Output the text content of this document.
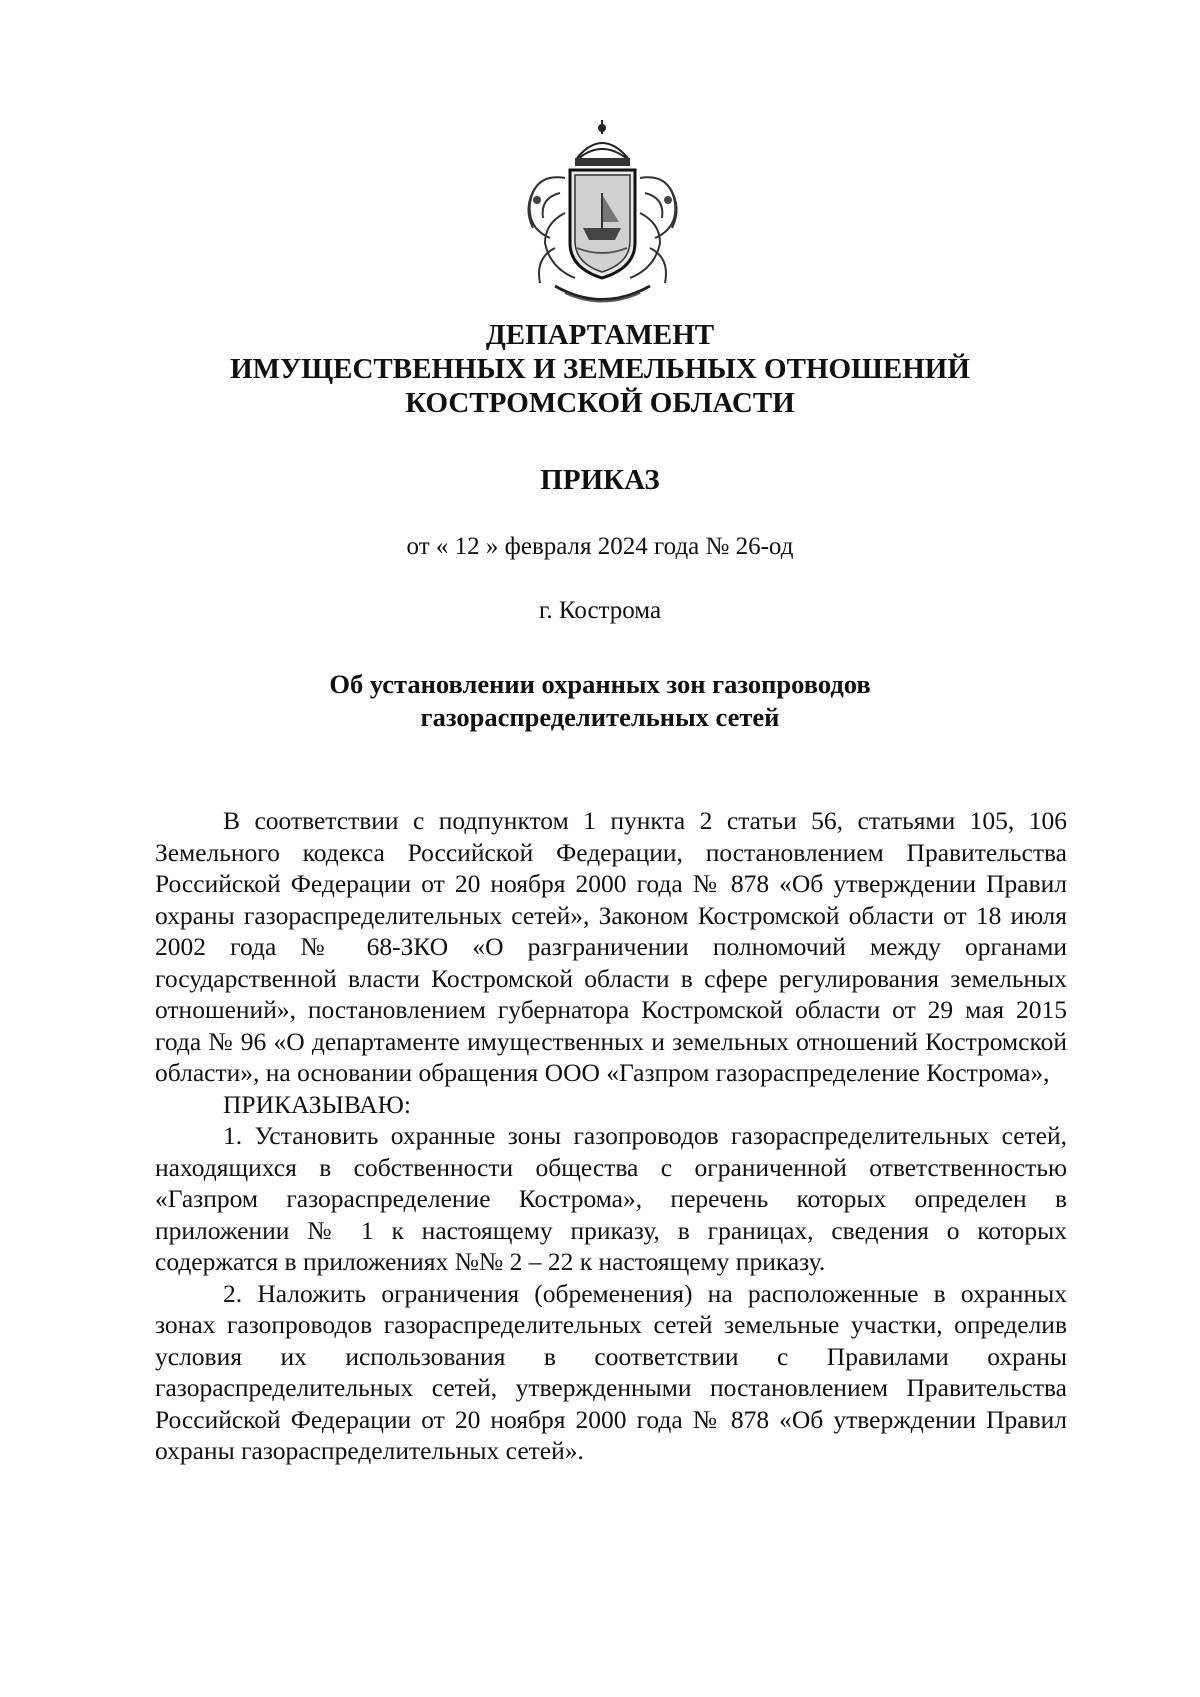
ДЕПАРТАМЕНТ
ИМУЩЕСТВЕННЫХ И ЗЕМЕЛЬНЫХ ОТНОШЕНИЙ
КОСТРОМСКОЙ ОБЛАСТИ
ПРИКАЗ
от « 12 » февраля 2024 года № 26-од
г. Кострома
Об установлении охранных зон газопроводов
газораспределительных сетей

В соответствии с подпунктом 1 пункта 2 статьи 56, статьями 105, 106 Земельного кодекса Российской Федерации, постановлением Правительства Российской Федерации от 20 ноября 2000 года № 878 «Об утверждении Правил охраны газораспределительных сетей», Законом Костромской области от 18 июля 2002 года № 68-ЗКО «О разграничении полномочий между органами государственной власти Костромской области в сфере регулирования земельных отношений», постановлением губернатора Костромской области от 29 мая 2015 года № 96 «О департаменте имущественных и земельных отношений Костромской области», на основании обращения ООО «Газпром газораспределение Кострома»,

ПРИКАЗЫВАЮ:

1. Установить охранные зоны газопроводов газораспределительных сетей, находящихся в собственности общества с ограниченной ответственностью «Газпром газораспределение Кострома», перечень которых определен в приложении № 1 к настоящему приказу, в границах, сведения о которых содержатся в приложениях №№ 2 – 22 к настоящему приказу.

2. Наложить ограничения (обременения) на расположенные в охранных зонах газопроводов газораспределительных сетей земельные участки, определив условия их использования в соответствии с Правилами охраны газораспределительных сетей, утвержденными постановлением Правительства Российской Федерации от 20 ноября 2000 года № 878 «Об утверждении Правил охраны газораспределительных сетей».
